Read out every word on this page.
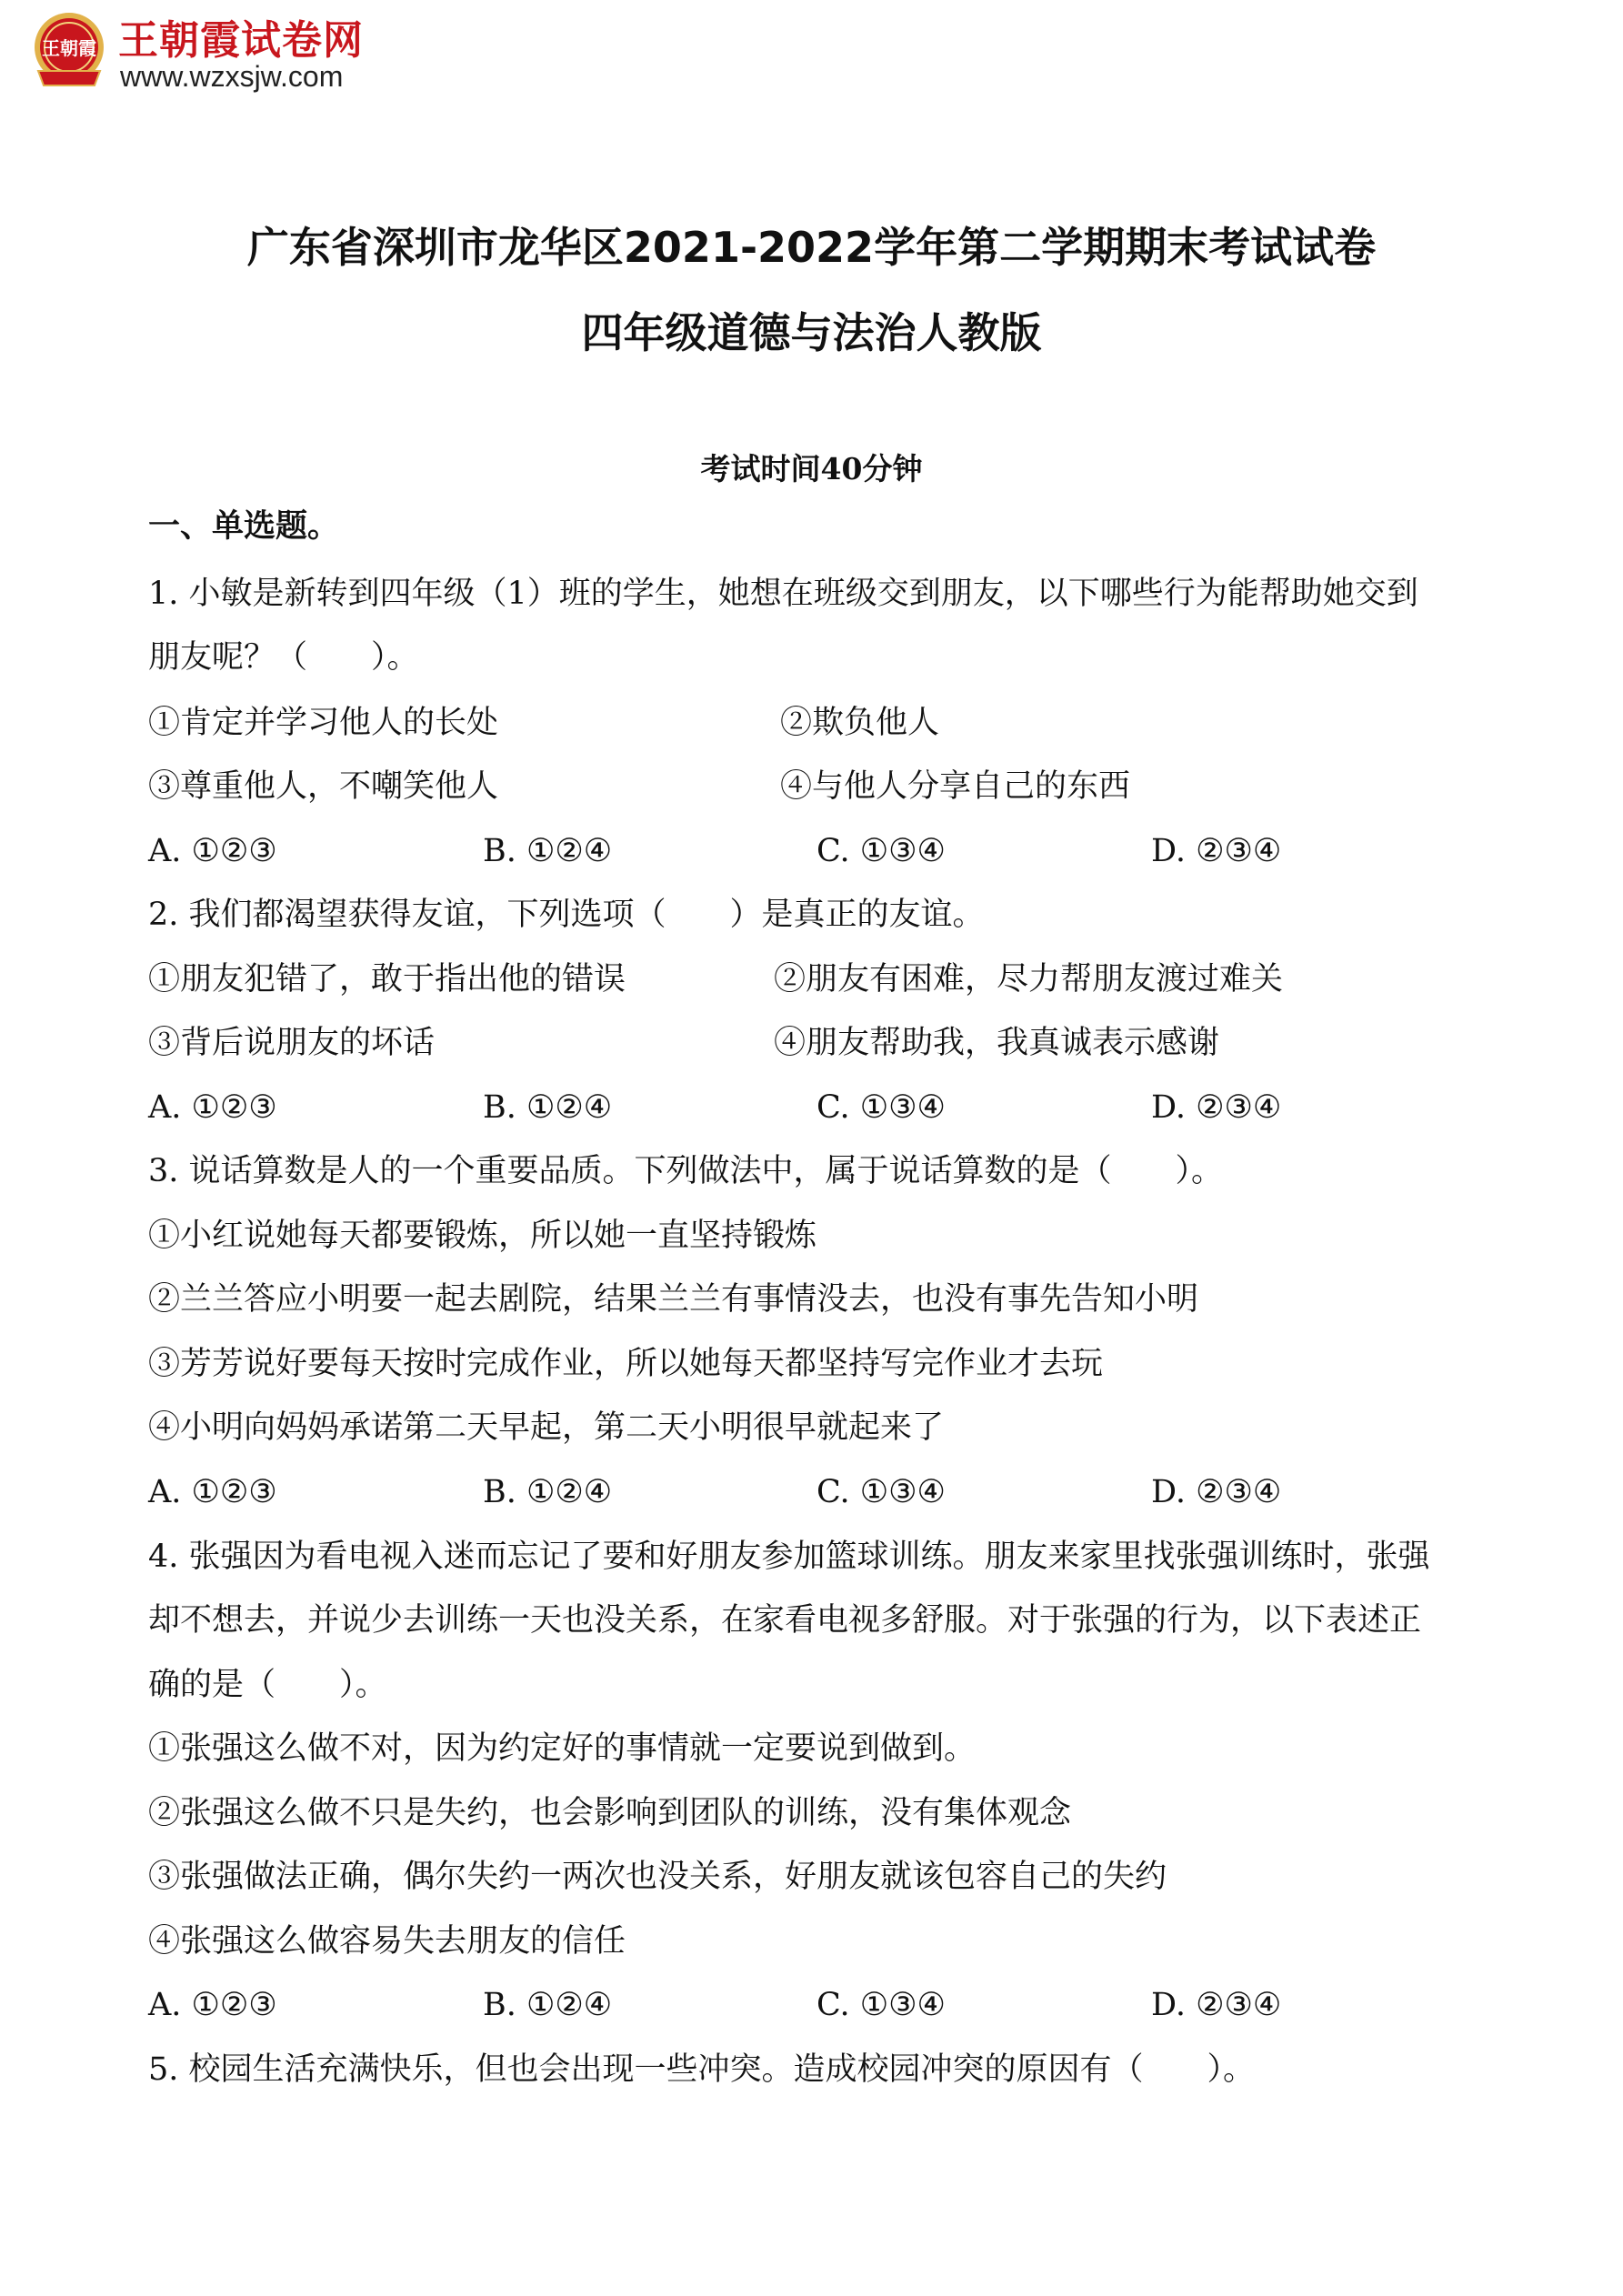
王朝霞 王朝霞试卷网
www.wzxsjw.com
广东省深圳市龙华区2021-2022学年第二学期期末考试试卷
四年级道德与法治人教版
考试时间40分钟
一、单选题。
1. 小敏是新转到四年级（1）班的学生，她想在班级交到朋友，以下哪些行为能帮助她交到
朋友呢？（　　）。
①肯定并学习他人的长处	②欺负他人
③尊重他人，不嘲笑他人	④与他人分享自己的东西
A. ①②③	B. ①②④	C. ①③④	D. ②③④
2. 我们都渴望获得友谊，下列选项（　　）是真正的友谊。
①朋友犯错了，敢于指出他的错误	②朋友有困难，尽力帮朋友渡过难关
③背后说朋友的坏话	④朋友帮助我，我真诚表示感谢
A. ①②③	B. ①②④	C. ①③④	D. ②③④
3. 说话算数是人的一个重要品质。下列做法中，属于说话算数的是（　　）。
①小红说她每天都要锻炼，所以她一直坚持锻炼
②兰兰答应小明要一起去剧院，结果兰兰有事情没去，也没有事先告知小明
③芳芳说好要每天按时完成作业，所以她每天都坚持写完作业才去玩
④小明向妈妈承诺第二天早起，第二天小明很早就起来了
A. ①②③	B. ①②④	C. ①③④	D. ②③④
4. 张强因为看电视入迷而忘记了要和好朋友参加篮球训练。朋友来家里找张强训练时，张强
却不想去，并说少去训练一天也没关系，在家看电视多舒服。对于张强的行为，以下表述正
确的是（　　）。
①张强这么做不对，因为约定好的事情就一定要说到做到。
②张强这么做不只是失约，也会影响到团队的训练，没有集体观念
③张强做法正确，偶尔失约一两次也没关系，好朋友就该包容自己的失约
④张强这么做容易失去朋友的信任
A. ①②③	B. ①②④	C. ①③④	D. ②③④
5. 校园生活充满快乐，但也会出现一些冲突。造成校园冲突的原因有（　　）。
